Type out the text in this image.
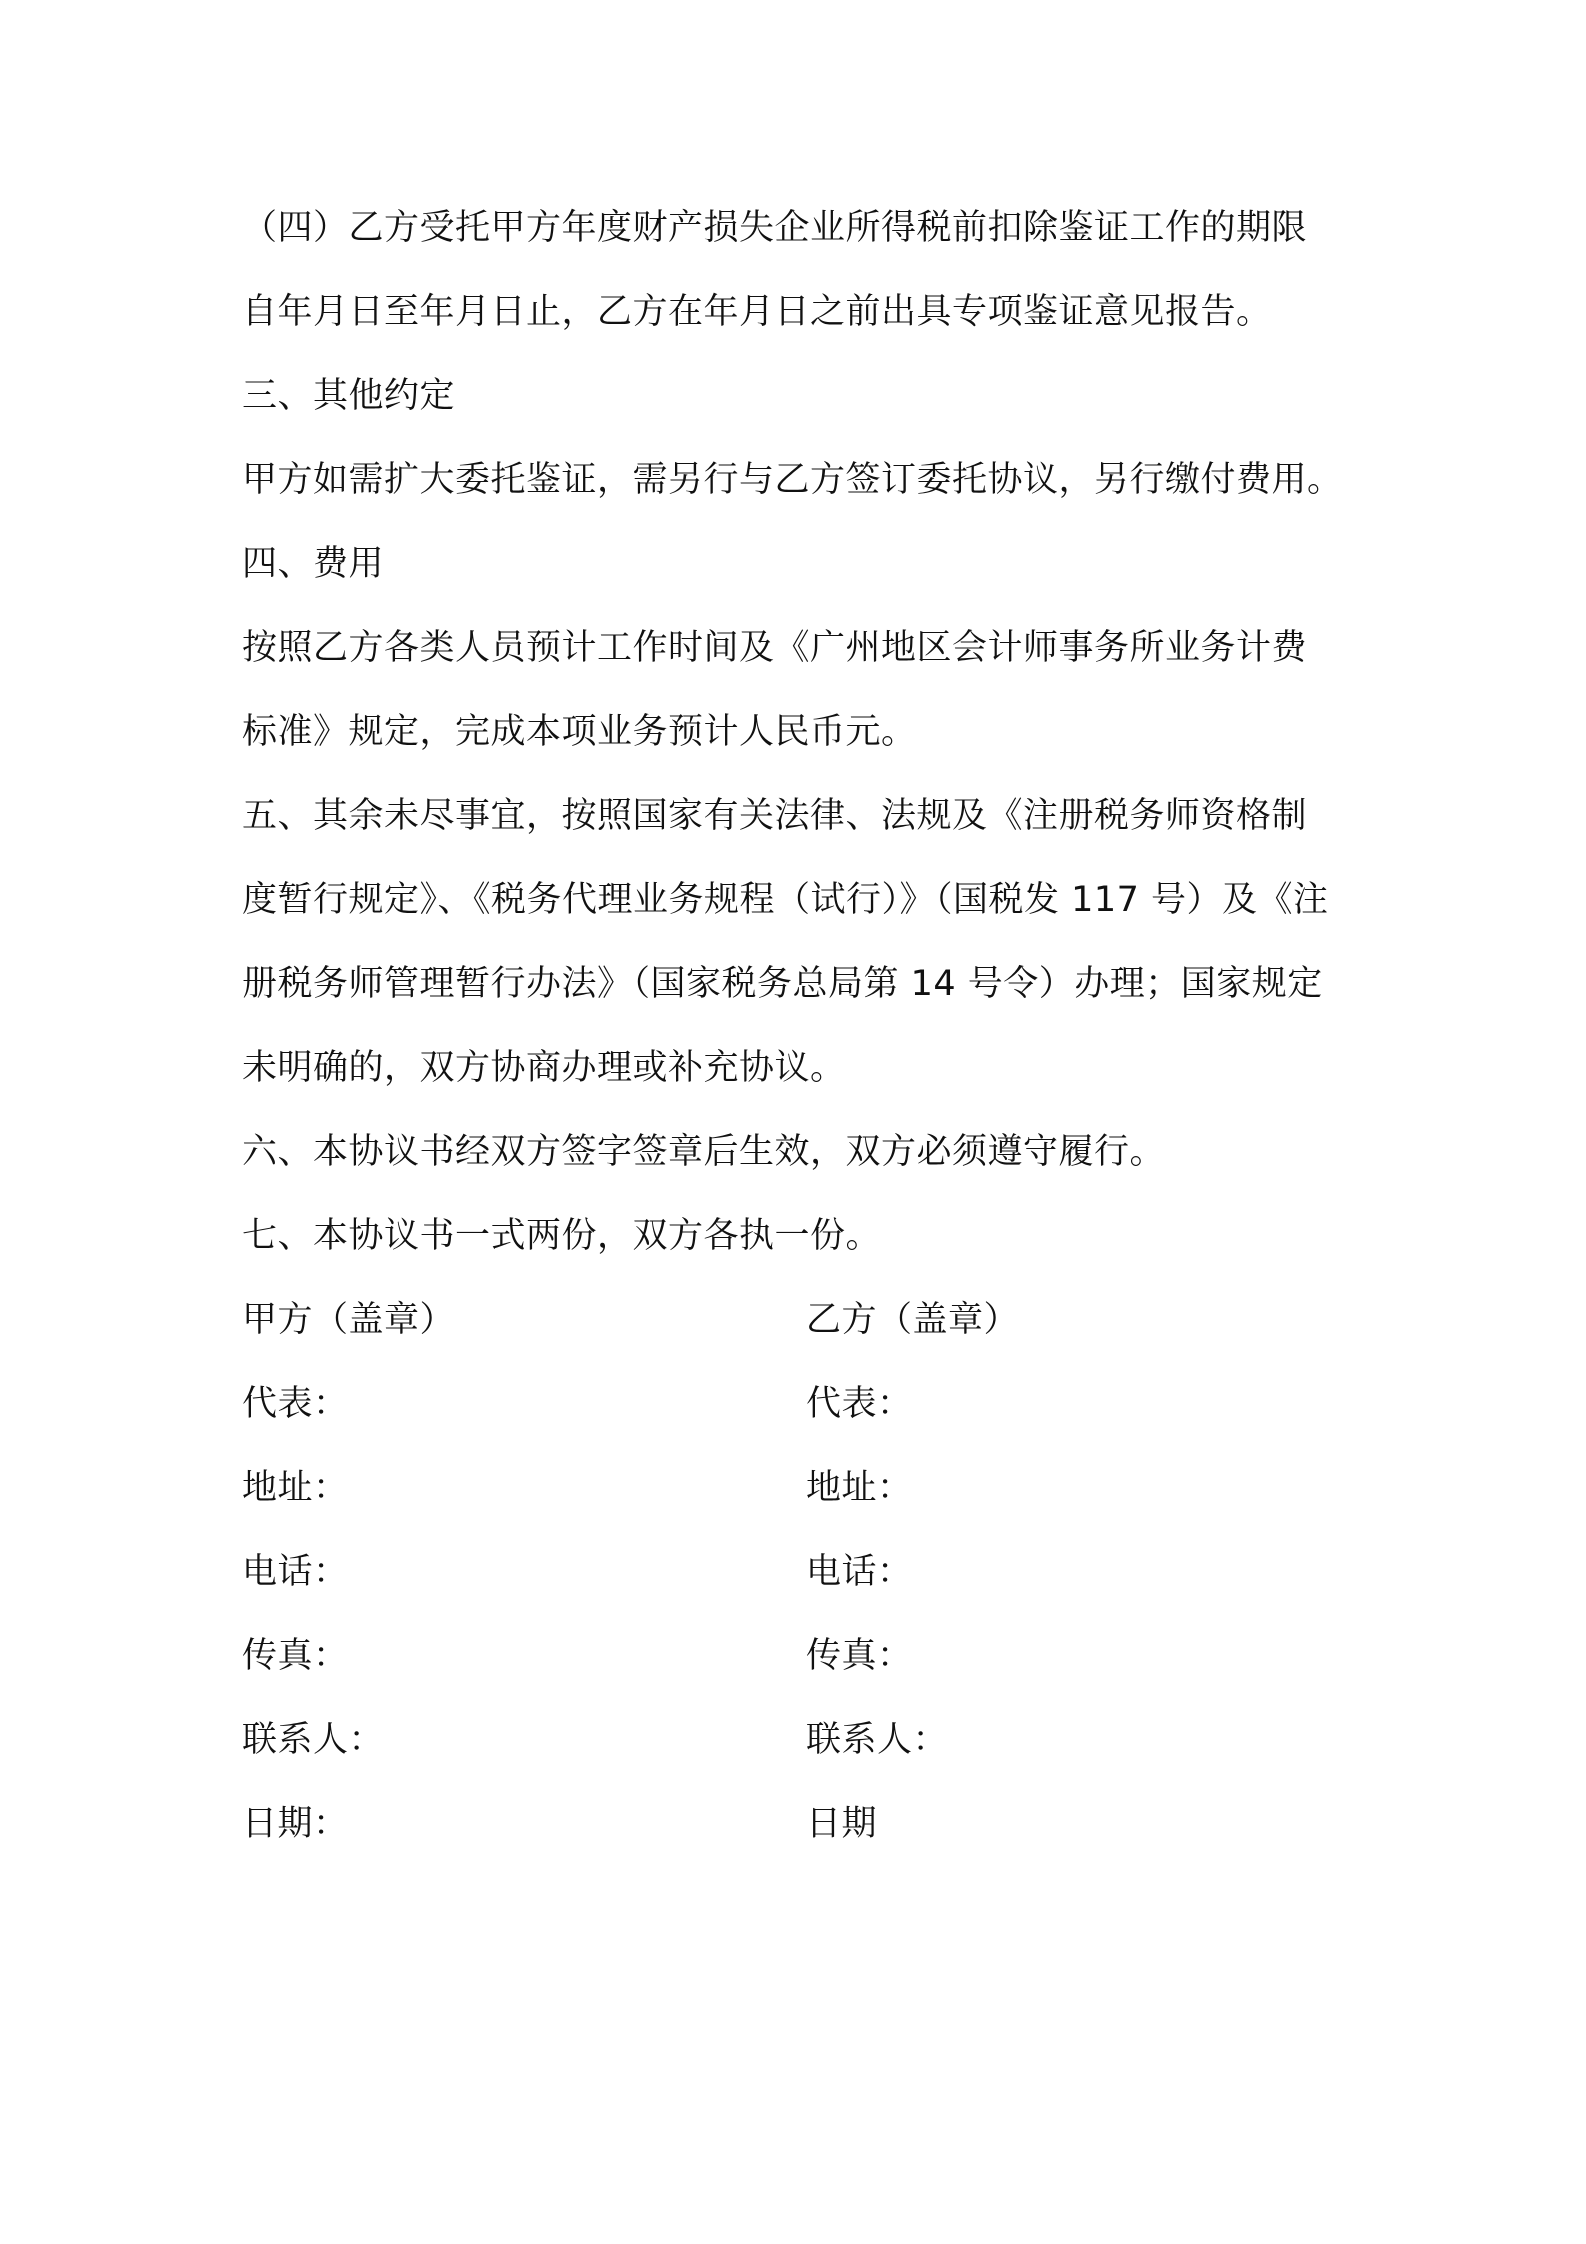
（四）乙方受托甲方年度财产损失企业所得税前扣除鉴证工作的期限
自年月日至年月日止，乙方在年月日之前出具专项鉴证意见报告。
三、其他约定
甲方如需扩大委托鉴证，需另行与乙方签订委托协议，另行缴付费用。
四、费用
按照乙方各类人员预计工作时间及《广州地区会计师事务所业务计费
标准》规定，完成本项业务预计人民币元。
五、其余未尽事宜，按照国家有关法律、法规及《注册税务师资格制
度暂行规定》、《税务代理业务规程（试行）》（国税发 117 号）及《注
册税务师管理暂行办法》（国家税务总局第 14 号令）办理；国家规定
未明确的，双方协商办理或补充协议。
六、本协议书经双方签字签章后生效，双方必须遵守履行。
七、本协议书一式两份，双方各执一份。
甲方（盖章）	乙方（盖章）
代表：	代表：
地址：	地址：
电话：	电话：
传真：	传真：
联系人：	联系人：
日期：	日期
